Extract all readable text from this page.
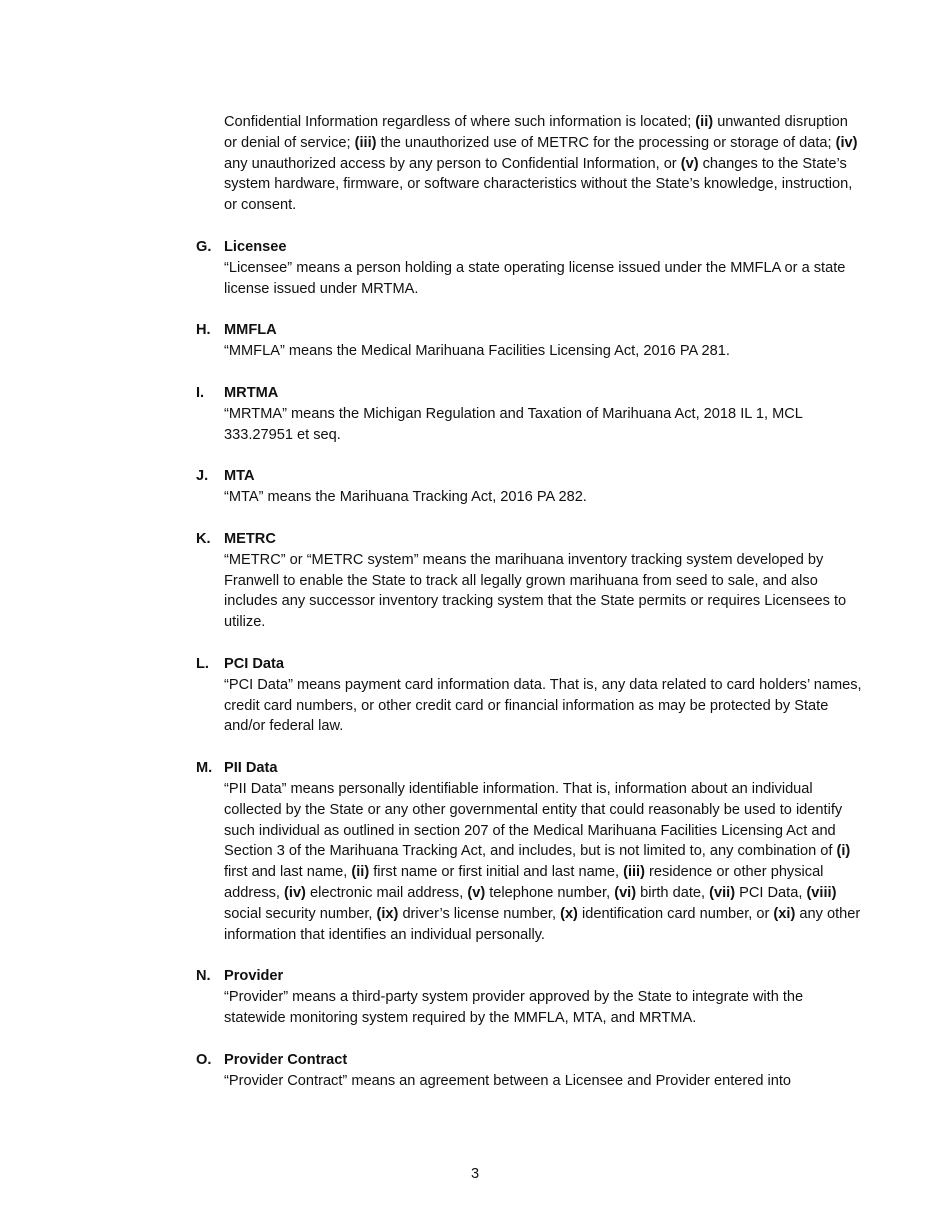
Confidential Information regardless of where such information is located; (ii) unwanted disruption or denial of service; (iii) the unauthorized use of METRC for the processing or storage of data; (iv) any unauthorized access by any person to Confidential Information, or (v) changes to the State’s system hardware, firmware, or software characteristics without the State’s knowledge, instruction, or consent.
G. Licensee
“Licensee” means a person holding a state operating license issued under the MMFLA or a state license issued under MRTMA.
H. MMFLA
“MMFLA” means the Medical Marihuana Facilities Licensing Act, 2016 PA 281.
I. MRTMA
“MRTMA” means the Michigan Regulation and Taxation of Marihuana Act, 2018 IL 1, MCL 333.27951 et seq.
J. MTA
“MTA” means the Marihuana Tracking Act, 2016 PA 282.
K. METRC
“METRC” or “METRC system” means the marihuana inventory tracking system developed by Franwell to enable the State to track all legally grown marihuana from seed to sale, and also includes any successor inventory tracking system that the State permits or requires Licensees to utilize.
L. PCI Data
“PCI Data” means payment card information data. That is, any data related to card holders’ names, credit card numbers, or other credit card or financial information as may be protected by State and/or federal law.
M. PII Data
“PII Data” means personally identifiable information. That is, information about an individual collected by the State or any other governmental entity that could reasonably be used to identify such individual as outlined in section 207 of the Medical Marihuana Facilities Licensing Act and Section 3 of the Marihuana Tracking Act, and includes, but is not limited to, any combination of (i) first and last name, (ii) first name or first initial and last name, (iii) residence or other physical address, (iv) electronic mail address, (v) telephone number, (vi) birth date, (vii) PCI Data, (viii) social security number, (ix) driver’s license number, (x) identification card number, or (xi) any other information that identifies an individual personally.
N. Provider
“Provider” means a third-party system provider approved by the State to integrate with the statewide monitoring system required by the MMFLA, MTA, and MRTMA.
O. Provider Contract
“Provider Contract” means an agreement between a Licensee and Provider entered into
3
